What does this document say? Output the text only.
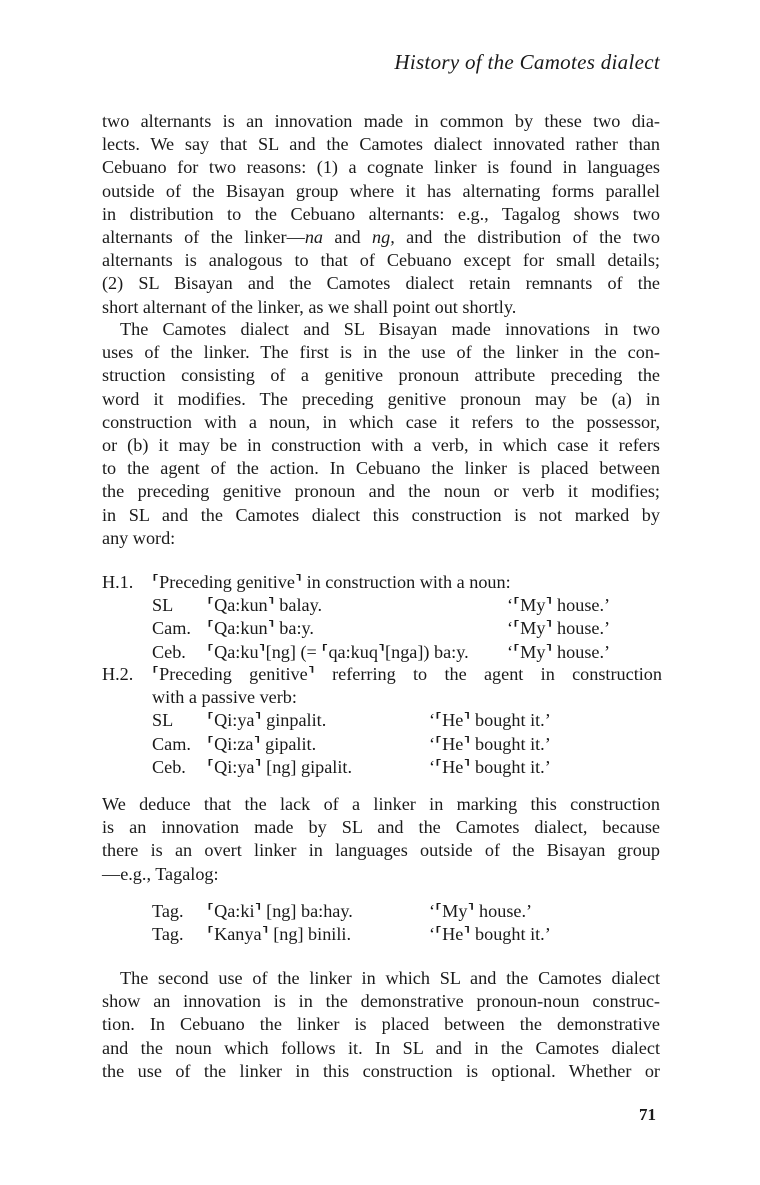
History of the Camotes dialect

two alternants is an innovation made in common by these two dia-
lects. We say that SL and the Camotes dialect innovated rather than
Cebuano for two reasons: (1) a cognate linker is found in languages
outside of the Bisayan group where it has alternating forms parallel
in distribution to the Cebuano alternants: e.g., Tagalog shows two
alternants of the linker—na and ng, and the distribution of the two
alternants is analogous to that of Cebuano except for small details;
(2) SL Bisayan and the Camotes dialect retain remnants of the
short alternant of the linker, as we shall point out shortly.

The Camotes dialect and SL Bisayan made innovations in two
uses of the linker. The first is in the use of the linker in the con-
struction consisting of a genitive pronoun attribute preceding the
word it modifies. The preceding genitive pronoun may be (a) in
construction with a noun, in which case it refers to the possessor,
or (b) it may be in construction with a verb, in which case it refers
to the agent of the action. In Cebuano the linker is placed between
the preceding genitive pronoun and the noun or verb it modifies;
in SL and the Camotes dialect this construction is not marked by
any word:

H.1. ⸢Preceding genitive⸣ in construction with a noun:
SL ⸢Qa:kun⸣ balay.	‘⸢My⸣ house.’
Cam. ⸢Qa:kun⸣ ba:y.	‘⸢My⸣ house.’
Ceb. ⸢Qa:ku⸣[ng] (= ⸢qa:kuq⸣[nga]) ba:y. ‘⸢My⸣ house.’
H.2. ⸢Preceding genitive⸣ referring to the agent in construction
with a passive verb:
SL ⸢Qi:ya⸣ ginpalit.	‘⸢He⸣ bought it.’
Cam. ⸢Qi:za⸣ gipalit.	‘⸢He⸣ bought it.’
Ceb. ⸢Qi:ya⸣ [ng] gipalit.	‘⸢He⸣ bought it.’

We deduce that the lack of a linker in marking this construction
is an innovation made by SL and the Camotes dialect, because
there is an overt linker in languages outside of the Bisayan group
—e.g., Tagalog:

Tag. ⸢Qa:ki⸣ [ng] ba:hay.	‘⸢My⸣ house.’
Tag. ⸢Kanya⸣ [ng] binili.	‘⸢He⸣ bought it.’

The second use of the linker in which SL and the Camotes dialect
show an innovation is in the demonstrative pronoun-noun construc-
tion. In Cebuano the linker is placed between the demonstrative
and the noun which follows it. In SL and in the Camotes dialect
the use of the linker in this construction is optional. Whether or

71
